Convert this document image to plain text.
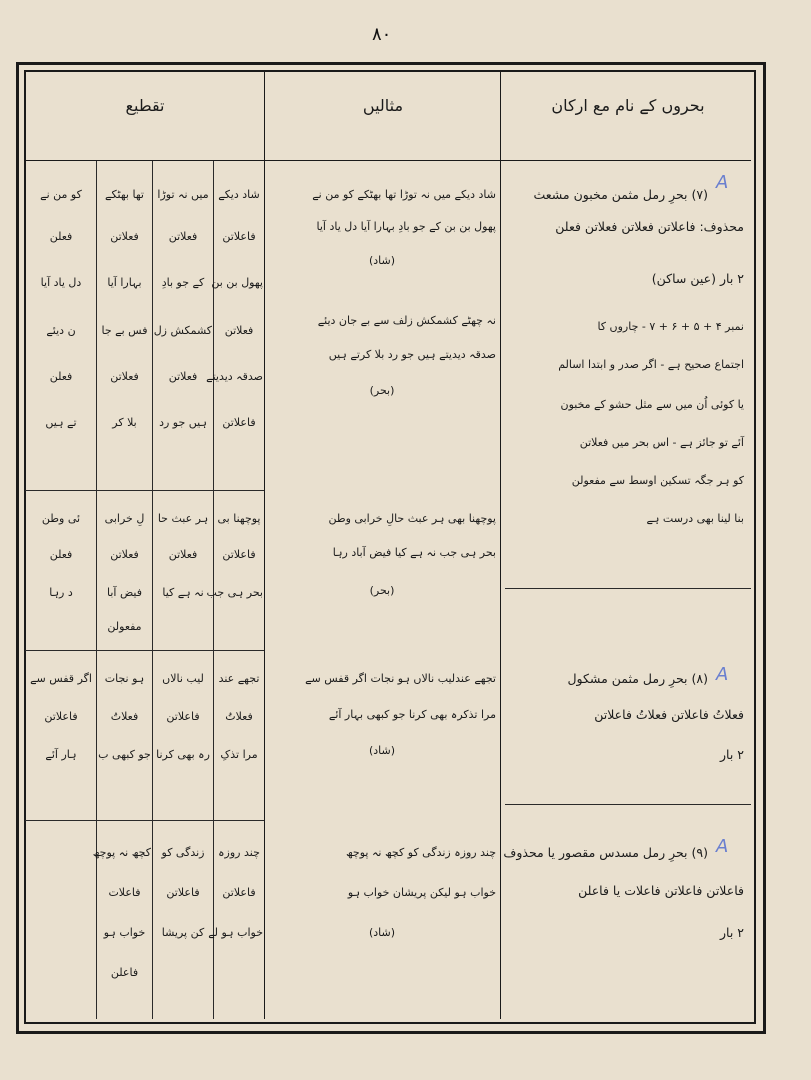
۸۰
بحروں کے نام مع ارکان
مثالیں
تقطیع
A
A
A
(۷) بحرِ رمل مثمن مخبون مشعث
محذوف: فاعلاتن فعلاتن فعلاتن فعلن
۲ بار (عین ساکن)
نمبر ۴ + ۵ + ۶ + ۷ - چاروں کا
اجتماع صحیح ہے - اگر صدر و ابتدا اسالم
یا کوئی اُن میں سے مثل حشو کے مخبون
آئے تو جائز ہے - اس بحر میں فعلاتن
کو ہر جگہ تسکین اوسط سے مفعولن
بنا لینا بھی درست ہے
شاد دیکے میں نہ توڑا تھا بھٹکے کو من نے
پھول بن بن کے جو بادِ بہارا آیا دل یاد آیا
(شاد)
نہ چھٹے کشمکش زلف سے بے جان دیئے
صدقہ دیدیتے ہیں جو رد بلا کرتے ہیں
(بحر)
پوچھنا بھی ہر عبث حالِ خرابی وطن
بحر ہی جب نہ ہے کیا فیض آباد رہا
(بحر)
شاد دیکے
فاعلاتن
پھول بن بن
فعلاتن
صدقہ دیدیتے
فاعلاتن
میں نہ توڑا
فعلاتن
کے جو بادِ
کشمکش زل
فعلاتن
ہیں جو رد
تھا بھٹکے
فعلاتن
بہارا آیا
فس بے جا
فعلاتن
بلا کر
کو من نے
فعلن
دل یاد آیا
ن دیئے
فعلن
تے ہیں
پوچھنا بی
فاعلاتن
بحر ہی جب
ہر عبث حا
فعلاتن
نہ ہے کیا
لِ خرابی
فعلاتن
فیض آبا
مفعولن
ئی وطن
فعلن
د رہا
(۸) بحرِ رمل مثمن مشکول
فعلاتُ فاعلاتن فعلاتُ فاعلاتن
۲ بار
تجھے عندلیب نالاں ہو نجات اگر قفس سے
مرا تذکرہ بھی کرنا جو کبھی بہار آئے
(شاد)
تجھے عند
فعلاتُ
مرا تذکِ
لیب نالاں
فاعلاتن
رہ بھی کرنا
ہو نجات
فعلاتُ
جو کبھی ب
اگر قفس سے
فاعلاتن
ہار آئے
(۹) بحرِ رمل مسدس مقصور یا محذوف
فاعلاتن فاعلاتن فاعلات یا فاعلن
۲ بار
چند روزہ زندگی کو کچھ نہ پوچھ
خواب ہو لیکن پریشان خواب ہو
(شاد)
چند روزہ
فاعلاتن
خواب ہو لے
زندگی کو
فاعلاتن
کن پریشا
کچھ نہ پوچھ
فاعلات
خواب ہو
فاعلن
